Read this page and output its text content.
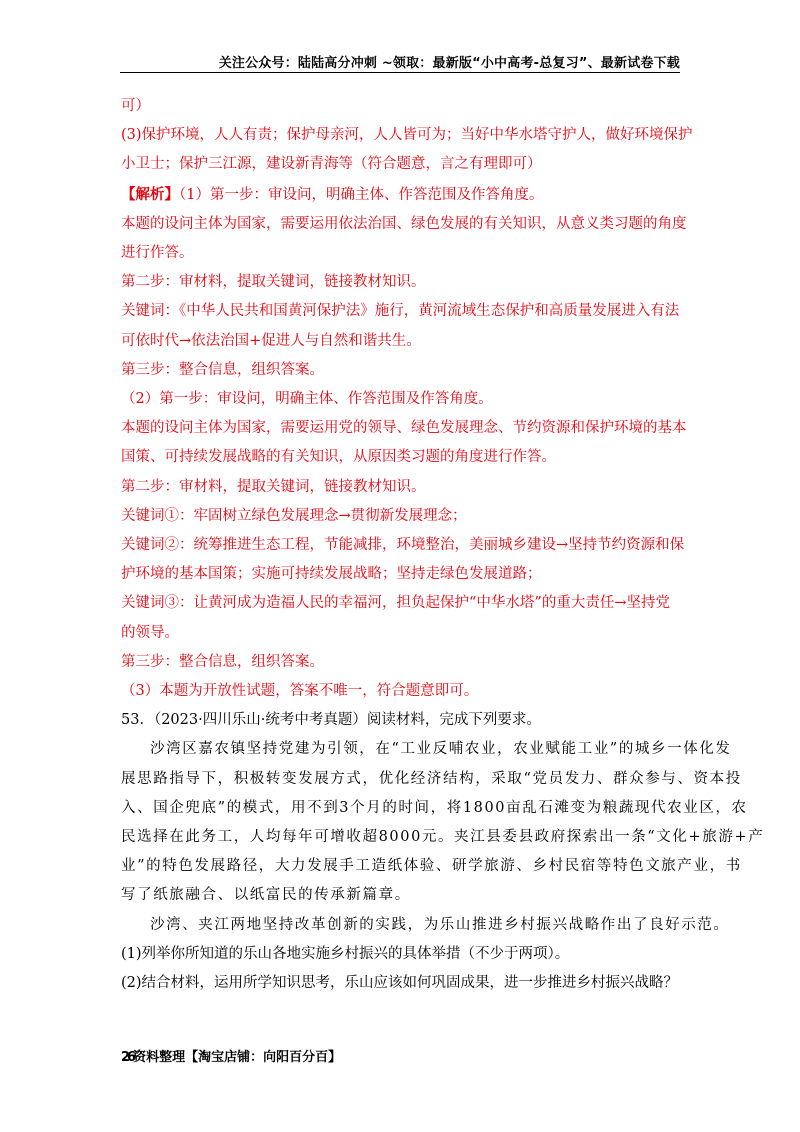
关注公众号：陆陆高分冲刺 ~领取：最新版“小中高考-总复习”、最新试卷下载
可）
(3)保护环境，人人有责；保护母亲河，人人皆可为；当好中华水塔守护人，做好环境保护
小卫士；保护三江源，建设新青海等（符合题意，言之有理即可）
【解析】（1）第一步：审设问，明确主体、作答范围及作答角度。
本题的设问主体为国家，需要运用依法治国、绿色发展的有关知识，从意义类习题的角度
进行作答。
第二步：审材料，提取关键词，链接教材知识。
关键词：《中华人民共和国黄河保护法》施行，黄河流域生态保护和高质量发展进入有法
可依时代→依法治国+促进人与自然和谐共生。
第三步：整合信息，组织答案。
（2）第一步：审设问，明确主体、作答范围及作答角度。
本题的设问主体为国家，需要运用党的领导、绿色发展理念、节约资源和保护环境的基本
国策、可持续发展战略的有关知识，从原因类习题的角度进行作答。
第二步：审材料，提取关键词，链接教材知识。
关键词①：牢固树立绿色发展理念→贯彻新发展理念；
关键词②：统筹推进生态工程，节能减排，环境整治，美丽城乡建设→坚持节约资源和保
护环境的基本国策；实施可持续发展战略；坚持走绿色发展道路；
关键词③：让黄河成为造福人民的幸福河，担负起保护“中华水塔”的重大责任→坚持党
的领导。
第三步：整合信息，组织答案。
（3）本题为开放性试题，答案不唯一，符合题意即可。
53．（2023·四川乐山·统考中考真题）阅读材料，完成下列要求。
沙湾区嘉农镇坚持党建为引领，在“工业反哺农业，农业赋能工业”的城乡一体化发
展思路指导下，积极转变发展方式，优化经济结构，采取“党员发力、群众参与、资本投
入、国企兜底”的模式，用不到3个月的时间，将1800亩乱石滩变为粮蔬现代农业区，农
民选择在此务工，人均每年可增收超8000元。夹江县委县政府探索出一条“文化+旅游+产
业”的特色发展路径，大力发展手工造纸体验、研学旅游、乡村民宿等特色文旅产业，书
写了纸旅融合、以纸富民的传承新篇章。
沙湾、夹江两地坚持改革创新的实践，为乐山推进乡村振兴战略作出了良好示范。
(1)列举你所知道的乐山各地实施乡村振兴的具体举措（不少于两项）。
(2)结合材料，运用所学知识思考，乐山应该如何巩固成果，进一步推进乡村振兴战略？
26资料整理【淘宝店铺：向阳百分百】
